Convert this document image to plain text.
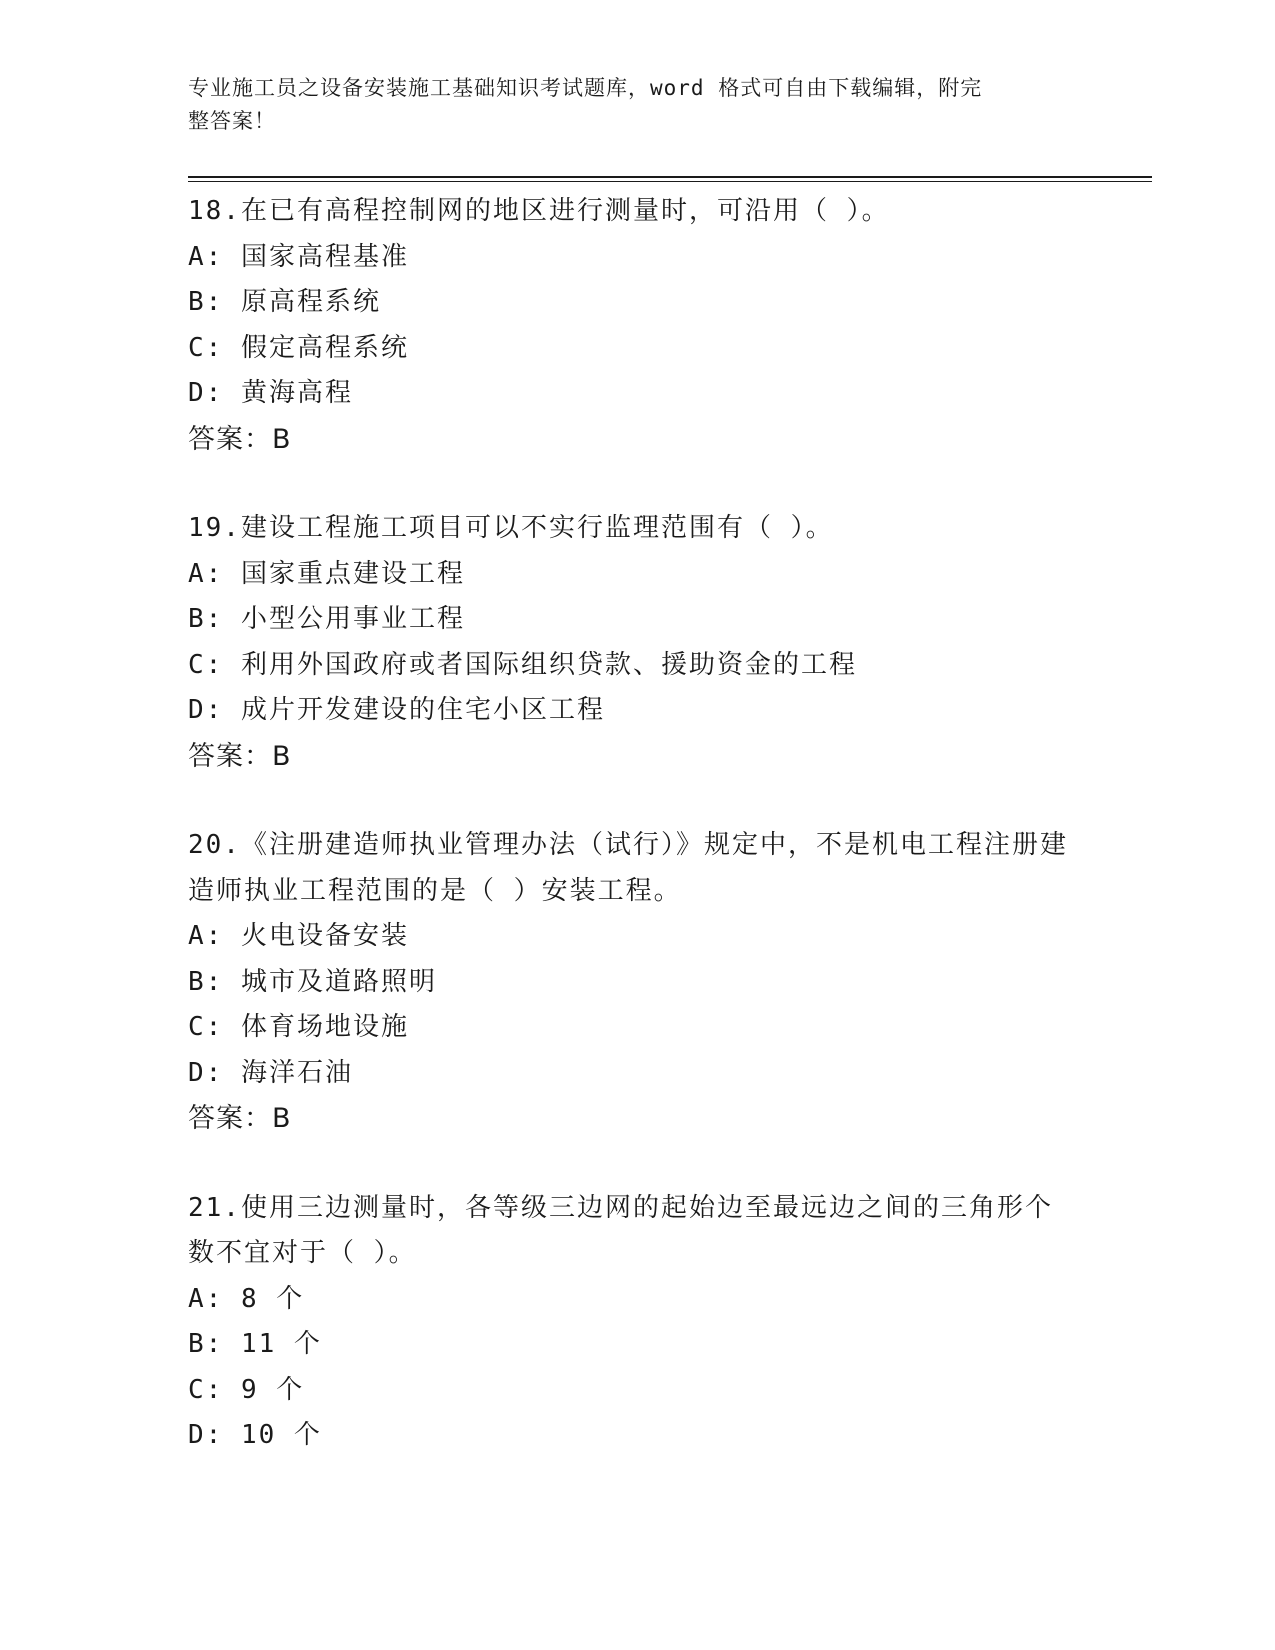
专业施工员之设备安装施工基础知识考试题库，word 格式可自由下载编辑，附完
整答案！
18.在已有高程控制网的地区进行测量时，可沿用（ ）。
A: 国家高程基准
B: 原高程系统
C: 假定高程系统
D: 黄海高程
答案：B
19.建设工程施工项目可以不实行监理范围有（ ）。
A: 国家重点建设工程
B: 小型公用事业工程
C: 利用外国政府或者国际组织贷款、援助资金的工程
D: 成片开发建设的住宅小区工程
答案：B
20.《注册建造师执业管理办法（试行）》规定中，不是机电工程注册建造师执业工程范围的是（ ）安装工程。
A: 火电设备安装
B: 城市及道路照明
C: 体育场地设施
D: 海洋石油
答案：B
21.使用三边测量时，各等级三边网的起始边至最远边之间的三角形个数不宜对于（ ）。
A: 8 个
B: 11 个
C: 9 个
D: 10 个
